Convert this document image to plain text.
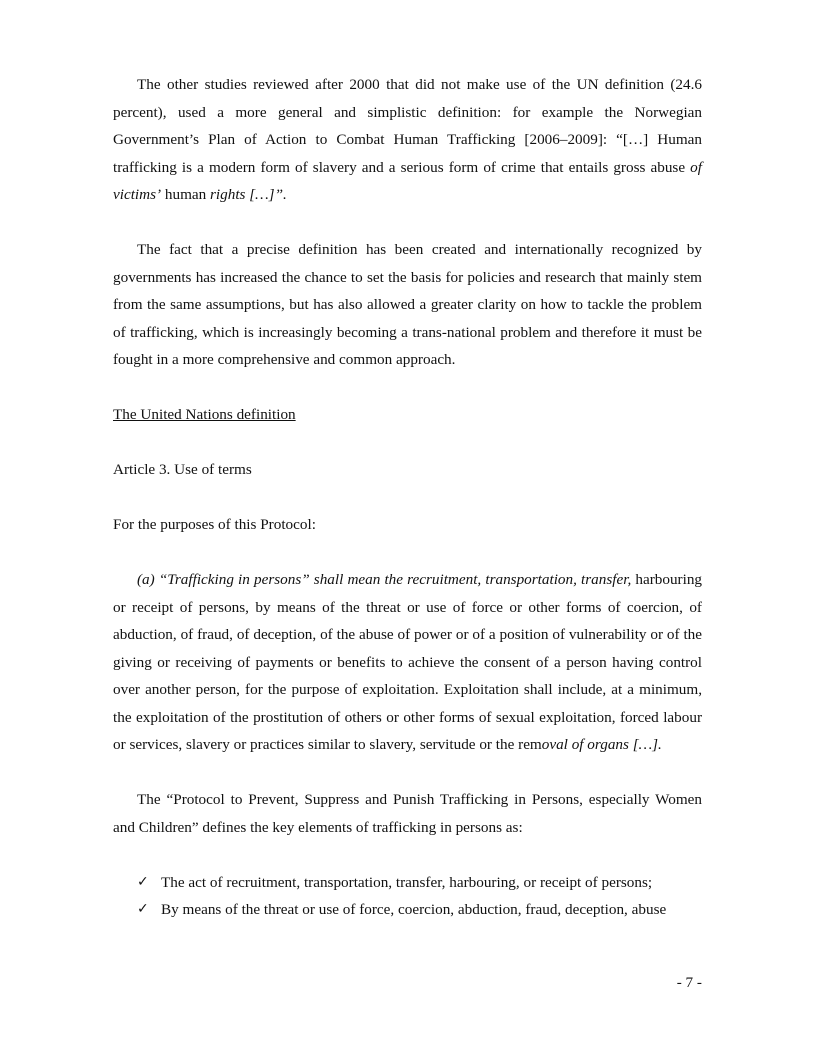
The other studies reviewed after 2000 that did not make use of the UN definition (24.6 percent), used a more general and simplistic definition: for example the Norwegian Government’s Plan of Action to Combat Human Trafficking [2006–2009]: “[…] Human trafficking is a modern form of slavery and a serious form of crime that entails gross abuse of victims’ human rights […]”.

The fact that a precise definition has been created and internationally recognized by governments has increased the chance to set the basis for policies and research that mainly stem from the same assumptions, but has also allowed a greater clarity on how to tackle the problem of trafficking, which is increasingly becoming a trans-national problem and therefore it must be fought in a more comprehensive and common approach.

The United Nations definition

Article 3. Use of terms

For the purposes of this Protocol:

(a) “Trafficking in persons” shall mean the recruitment, transportation, transfer, harbouring or receipt of persons, by means of the threat or use of force or other forms of coercion, of abduction, of fraud, of deception, of the abuse of power or of a position of vulnerability or of the giving or receiving of payments or benefits to achieve the consent of a person having control over another person, for the purpose of exploitation. Exploitation shall include, at a minimum, the exploitation of the prostitution of others or other forms of sexual exploitation, forced labour or services, slavery or practices similar to slavery, servitude or the removal of organs […].

The “Protocol to Prevent, Suppress and Punish Trafficking in Persons, especially Women and Children” defines the key elements of trafficking in persons as:

✓ The act of recruitment, transportation, transfer, harbouring, or receipt of persons;
✓ By means of the threat or use of force, coercion, abduction, fraud, deception, abuse
- 7 -
